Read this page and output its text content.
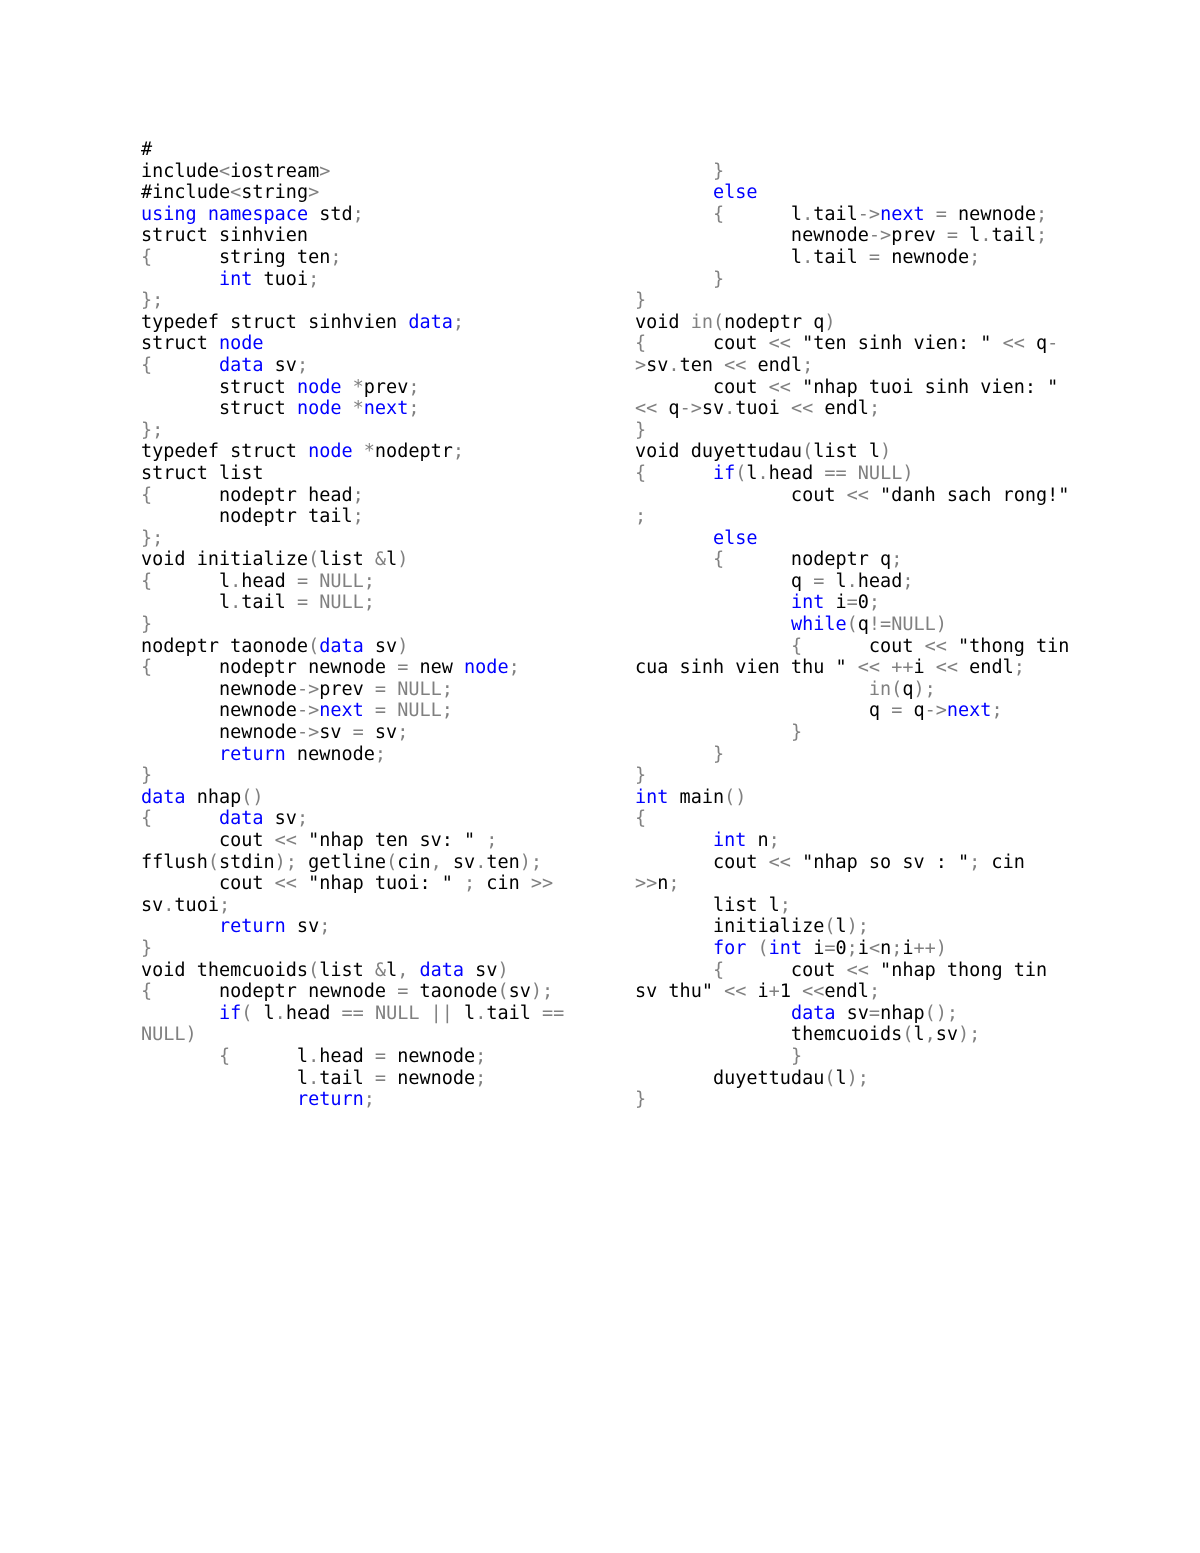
#
include<iostream>
#include<string>
using namespace std;
struct sinhvien
{      string ten;
int tuoi;
};
typedef struct sinhvien data;
struct node
{	data sv;
struct node *prev;
struct node *next;
};
typedef struct node *nodeptr;
struct list
{      nodeptr head;
nodeptr tail;
};
void initialize(list &l)
{      l.head = NULL;
l.tail = NULL;
}
nodeptr taonode(data sv)
{      nodeptr newnode = new node;
newnode->prev = NULL;
newnode->next = NULL;
newnode->sv = sv;
return newnode;
}
data nhap()
{	data sv;
cout << "nhap ten sv: " ;
fflush(stdin); getline(cin, sv.ten);
cout << "nhap tuoi: " ; cin >>
sv.tuoi;
return sv;
}
void themcuoids(list &l, data sv)
{      nodeptr newnode = taonode(sv);
if( l.head == NULL || l.tail ==
NULL)
{      l.head = newnode;
l.tail = newnode;
return;
}
else
{      l.tail->next = newnode;
newnode->prev = l.tail;
l.tail = newnode;
}
}
void in(nodeptr q)
{      cout << "ten sinh vien: " << q-
>sv.ten << endl;
cout << "nhap tuoi sinh vien: "
<< q->sv.tuoi << endl;
}
void duyettudau(list l)
{	if(l.head == NULL)
cout << "danh sach rong!"
;
else
{      nodeptr q;
q = l.head;
int i=0;
while(q!=NULL)
{      cout << "thong tin
cua sinh vien thu " << ++i << endl;
in(q);
q = q->next;
}
}
}
int main()
{
int n;
cout << "nhap so sv : "; cin
>>n;
list l;
initialize(l);
for (int i=0;i<n;i++)
{      cout << "nhap thong tin
sv thu" << i+1 <<endl;
data sv=nhap();
themcuoids(l,sv);
}
duyettudau(l);
}
